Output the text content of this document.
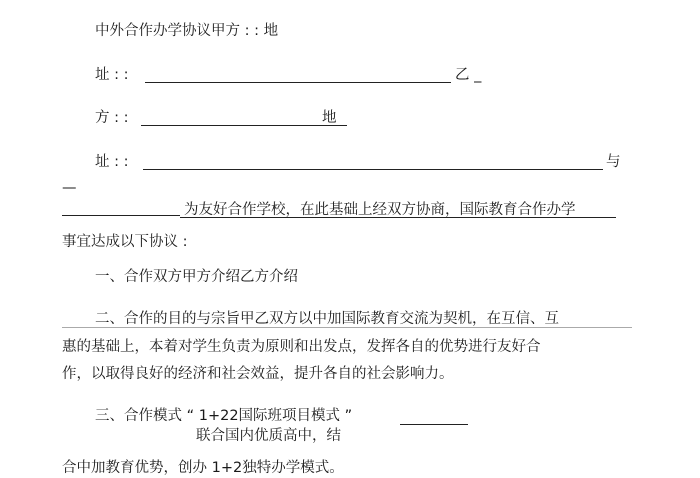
中外合作办学协议甲方 : : 地
址 : :	乙 _
方 : :	地
址 : :	与
—
为友好合作学校，在此基础上经双方协商，国际教育合作办学
事宜达成以下协议 :
一、合作双方甲方介绍乙方介绍
二、合作的目的与宗旨甲乙双方以中加国际教育交流为契机，在互信、互
惠的基础上，本着对学生负责为原则和出发点，发挥各自的优势进行友好合
作，以取得良好的经济和社会效益，提升各自的社会影响力。
三、合作模式 “ 1+22国际班项目模式 ”
联合国内优质高中，结
合中加教育优势，创办 1+2独特办学模式。
